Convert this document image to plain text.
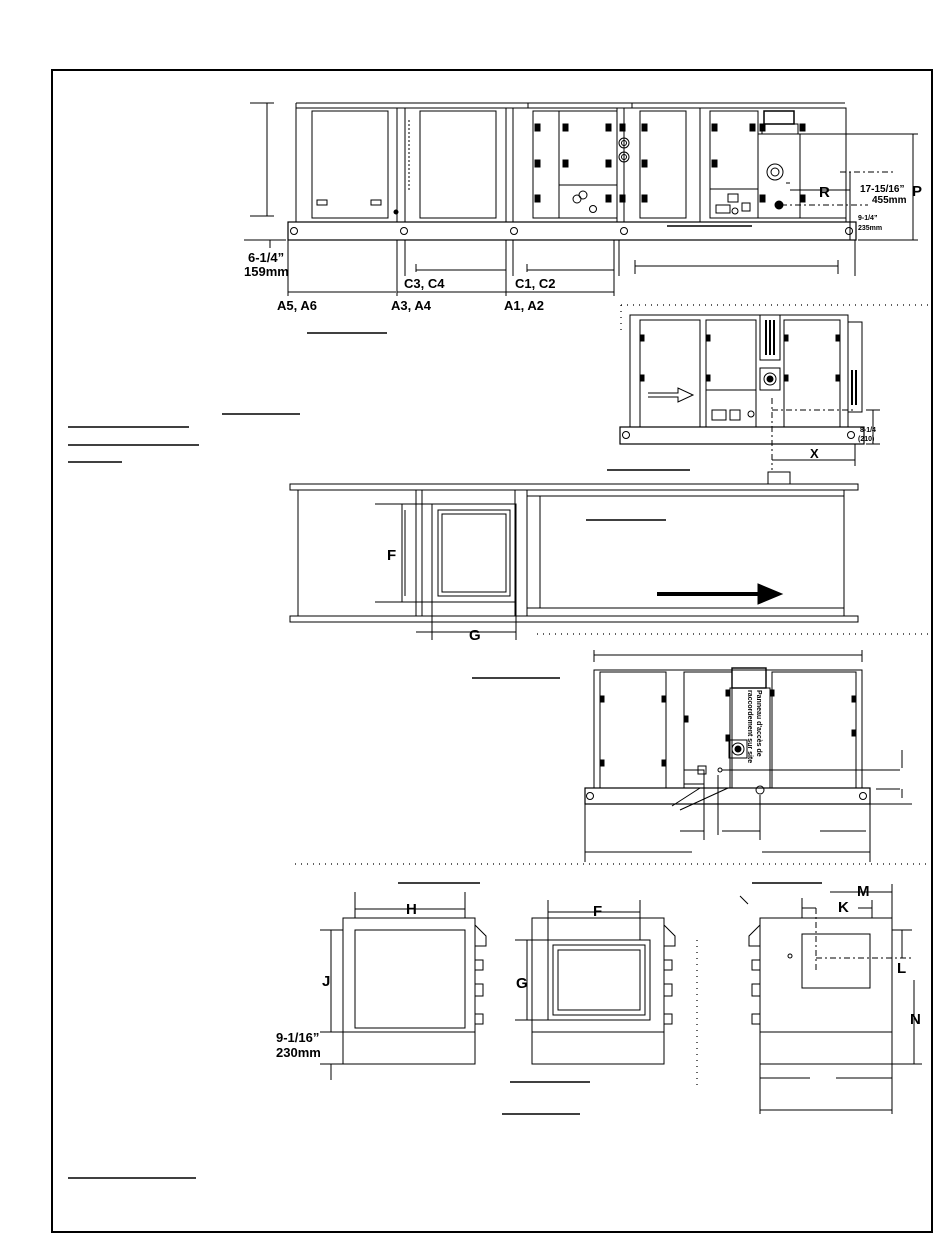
6-1/4”
159mm
A5, A6	A3, A4	A1, A2
C3, C4	C1, C2
R	P
17-15/16”
455mm
9-1/4”
235mm
8-1/4
(210)
X
F
G
Panneau d'accès de
raccordement sur site
H
J
9-1/16”
230mm
F
G
M
K
L
N
